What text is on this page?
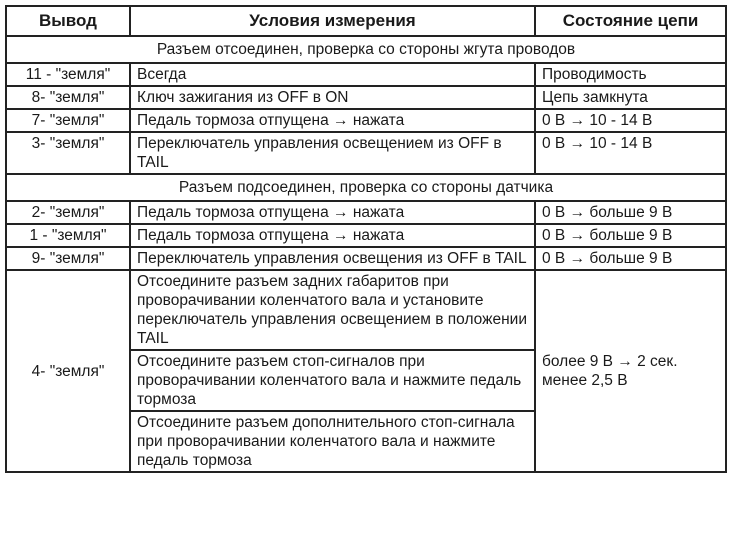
Вывод	Условия измерения	Состояние цепи
Разъем отсоединен, проверка со стороны жгута проводов		
11 - "земля"	Всегда	Проводимость
8- "земля"	Ключ зажигания из OFF в ON	Цепь замкнута
7- "земля"	Педаль тормоза отпущена → нажата	0 В → 10 - 14 В
3- "земля"	Переключатель управления освещением из OFF в TAIL	0 В → 10 - 14 В
Разъем подсоединен, проверка со стороны датчика		
2- "земля"	Педаль тормоза отпущена → нажата	0 В → больше 9 В
1 - "земля"	Педаль тормоза отпущена → нажата	0 В → больше 9 В
9- "земля"	Переключатель управления освещения из OFF в TAIL	0 В → больше 9 В
4- "земля"	Отсоедините разъем задних габаритов при проворачивании коленчатого вала и установите переключатель управления освещением в положении TAIL	более 9 В → 2 сек. менее 2,5 В
	Отсоедините разъем стоп-сигналов при проворачивании коленчатого вала и нажмите педаль тормоза	
	Отсоедините разъем дополнительного стоп-сигнала при проворачивании коленчатого вала и нажмите педаль тормоза	
